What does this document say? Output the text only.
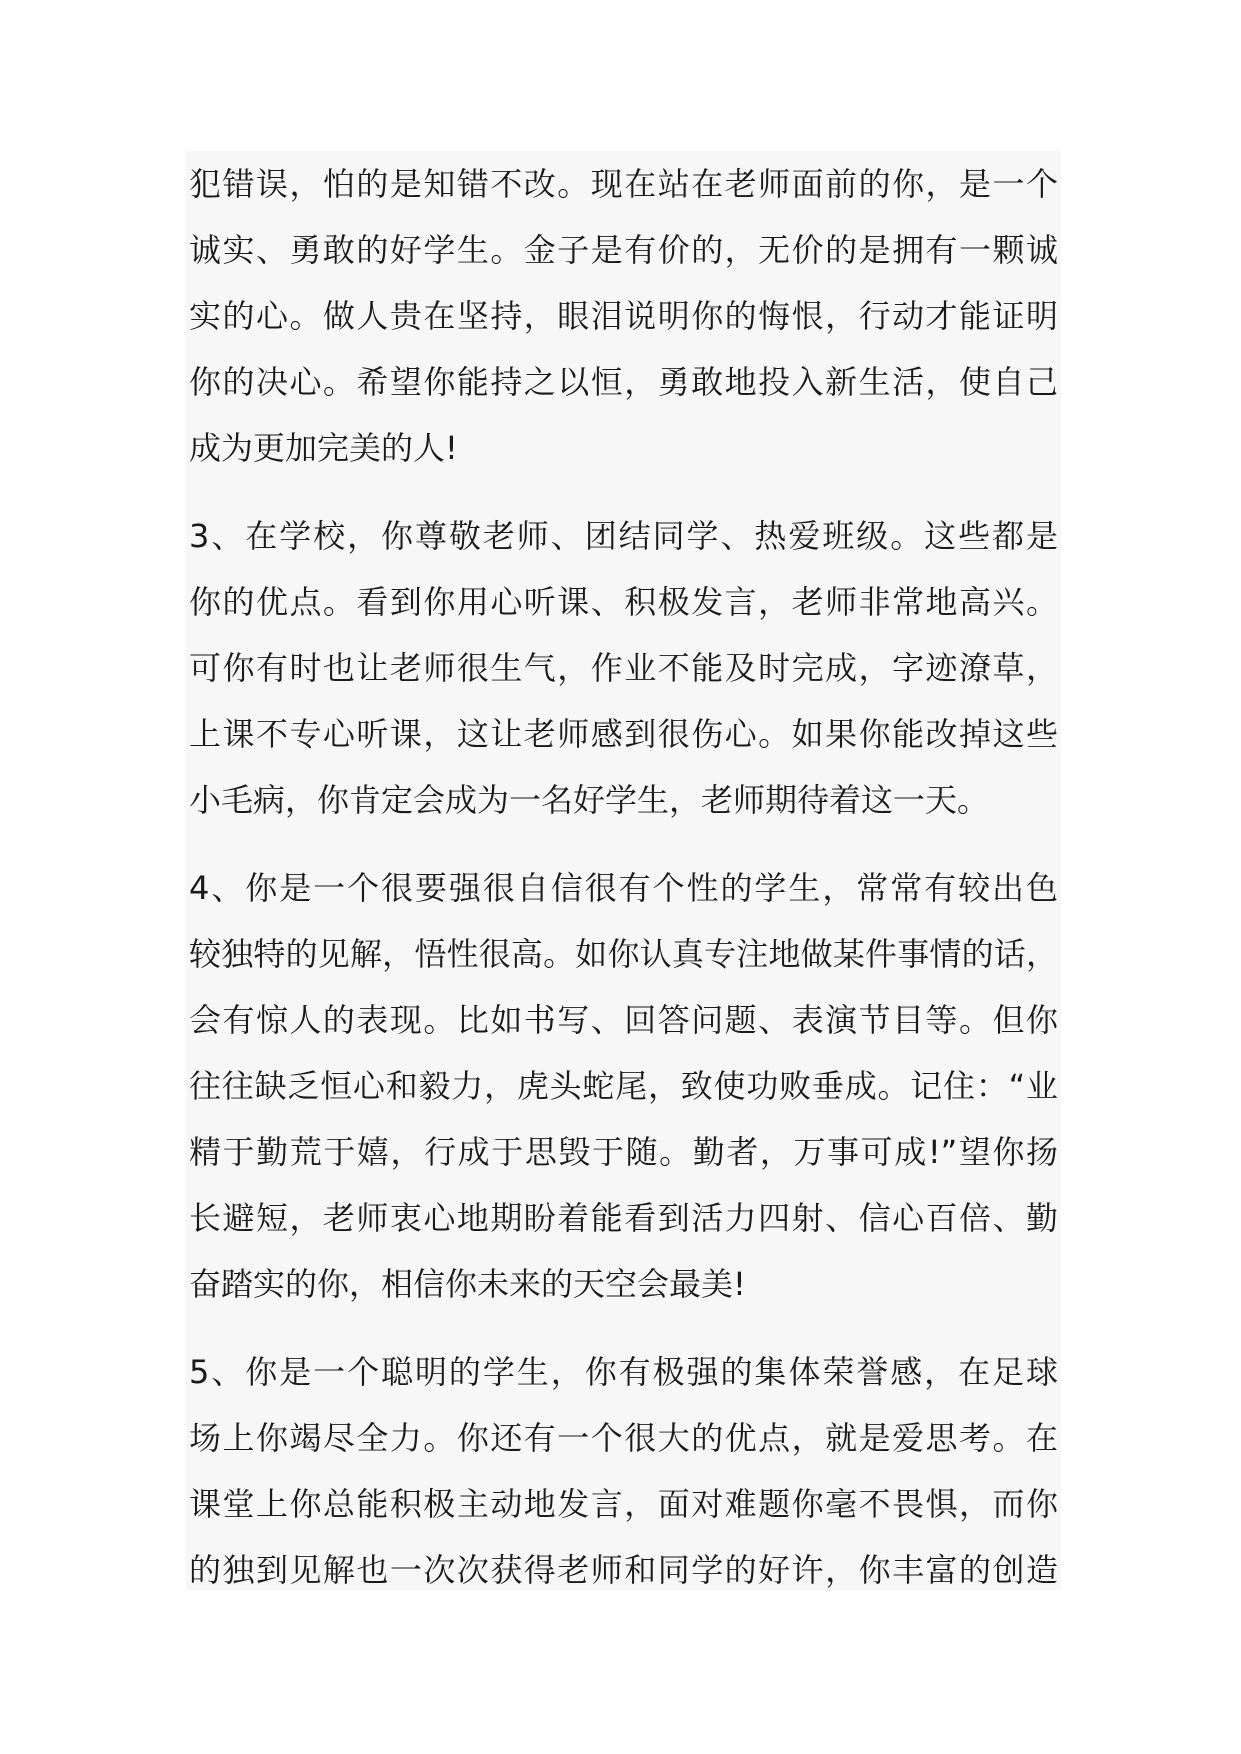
犯错误，怕的是知错不改。现在站在老师面前的你，是一个
诚实、勇敢的好学生。金子是有价的，无价的是拥有一颗诚
实的心。做人贵在坚持，眼泪说明你的悔恨，行动才能证明
你的决心。希望你能持之以恒，勇敢地投入新生活，使自己
成为更加完美的人!
3、在学校，你尊敬老师、团结同学、热爱班级。这些都是
你的优点。看到你用心听课、积极发言，老师非常地高兴。
可你有时也让老师很生气，作业不能及时完成，字迹潦草，
上课不专心听课，这让老师感到很伤心。如果你能改掉这些
小毛病，你肯定会成为一名好学生，老师期待着这一天。
4、你是一个很要强很自信很有个性的学生，常常有较出色
较独特的见解，悟性很高。如你认真专注地做某件事情的话，
会有惊人的表现。比如书写、回答问题、表演节目等。但你
往往缺乏恒心和毅力，虎头蛇尾，致使功败垂成。记住：“业
精于勤荒于嬉，行成于思毁于随。勤者，万事可成!”望你扬
长避短，老师衷心地期盼着能看到活力四射、信心百倍、勤
奋踏实的你，相信你未来的天空会最美!
5、你是一个聪明的学生，你有极强的集体荣誉感，在足球
场上你竭尽全力。你还有一个很大的优点，就是爱思考。在
课堂上你总能积极主动地发言，面对难题你毫不畏惧，而你
的独到见解也一次次获得老师和同学的好许，你丰富的创造
